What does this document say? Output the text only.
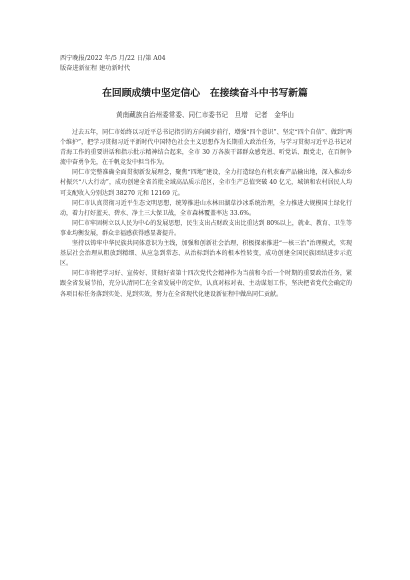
西宁晚报/2022 年/5 月/22 日/第 A04
版奋进新征程 建功新时代
在回顾成绩中坚定信心　在接续奋斗中书写新篇
黄南藏族自治州委常委、同仁市委书记　旦增　记者　金华山

过去五年，同仁市始终以习近平总书记指引的方向阔步前行，增强“四个意识”、坚定“四个自信”、做到“两个维护”，把学习贯彻习近平新时代中国特色社会主义思想作为长期重大政治任务，与学习贯彻习近平总书记对青海工作的重要讲话和指示批示精神结合起来，全市 30 万各族干部群众感党恩、听党话、跟党走，在百舸争流中奋勇争先，在千帆竞发中担当作为。

同仁市完整准确全面贯彻新发展理念，聚焦“四地”建设，全力打造绿色有机农畜产品输出地，深入推动乡村振兴“八大行动”，成功创建全省首批全域高品质示范区，全市生产总值突破 40 亿元，城镇和农村居民人均可支配收入分别达到 38270 元和 12169 元。

同仁市认真贯彻习近平生态文明思想，统筹推进山水林田湖草沙冰系统治理，全力推进大规模国土绿化行动，着力打好蓝天、碧水、净土三大保卫战，全市森林覆盖率达 33.6%。

同仁市牢固树立以人民为中心的发展思想，民生支出占财政支出比重达到 80%以上，就业、教育、卫生等事业均衡发展，群众幸福感获得感显著提升。

坚持以铸牢中华民族共同体意识为主线，加强和创新社会治理，积极探索推进“一核三治”治理模式，实现基层社会治理从粗放到精细、从应急到常态、从治标到治本的根本性转变，成功创建全国民族团结进步示范区。

同仁市将把学习好、宣传好、贯彻好省第十四次党代会精神作为当前和今后一个时期的重要政治任务，紧跟全省发展节拍，充分认清同仁在全省发展中的定位，认真对标对表、主动谋划工作，坚决把省党代会确定的各项目标任务落到实处、见到实效，努力在全省现代化建设新征程中做出同仁贡献。
